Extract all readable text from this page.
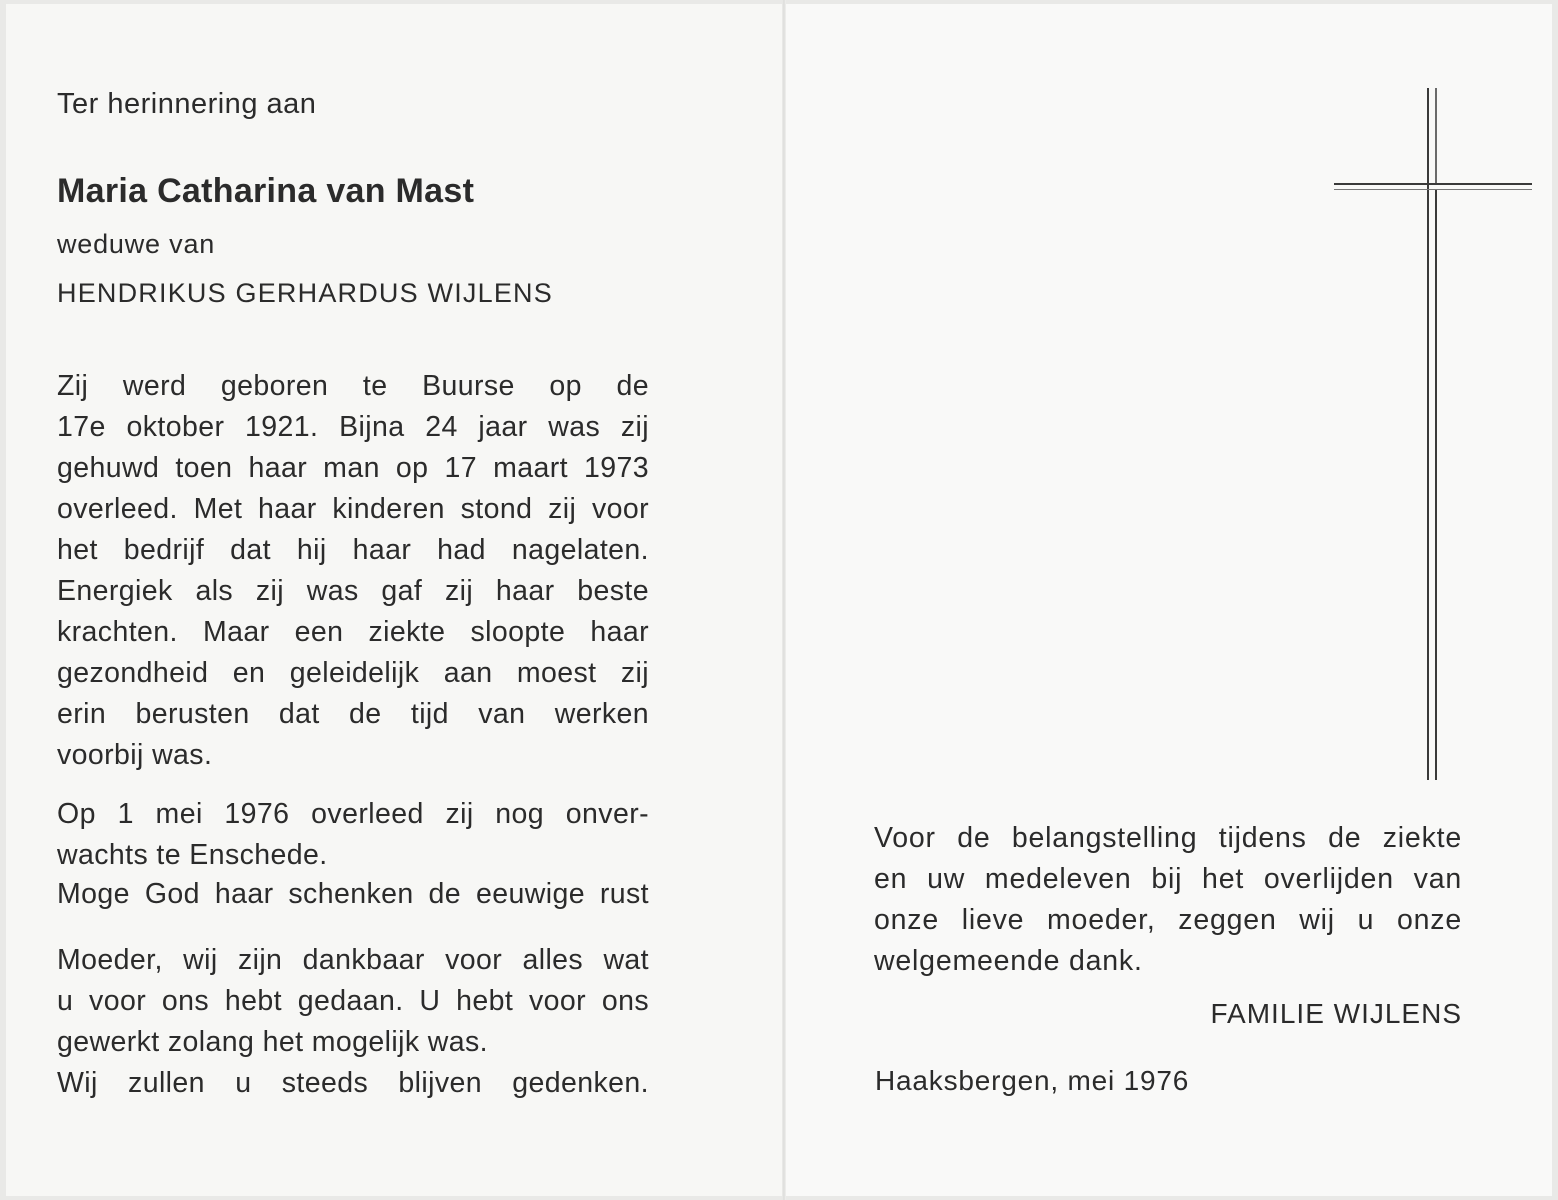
Ter herinnering aan
Maria Catharina van Mast
weduwe van
HENDRIKUS GERHARDUS WIJLENS
Zij werd geboren te Buurse op de
17e oktober 1921. Bijna 24 jaar was zij
gehuwd toen haar man op 17 maart 1973
overleed. Met haar kinderen stond zij voor
het bedrijf dat hij haar had nagelaten.
Energiek als zij was gaf zij haar beste
krachten. Maar een ziekte sloopte haar
gezondheid en geleidelijk aan moest zij
erin berusten dat de tijd van werken
voorbij was.
Op 1 mei 1976 overleed zij nog onver-
wachts te Enschede.
Moge God haar schenken de eeuwige rust
Moeder, wij zijn dankbaar voor alles wat
u voor ons hebt gedaan. U hebt voor ons
gewerkt zolang het mogelijk was.
Wij zullen u steeds blijven gedenken.
Voor de belangstelling tijdens de ziekte
en uw medeleven bij het overlijden van
onze lieve moeder, zeggen wij u onze
welgemeende dank.
FAMILIE WIJLENS
Haaksbergen, mei 1976
